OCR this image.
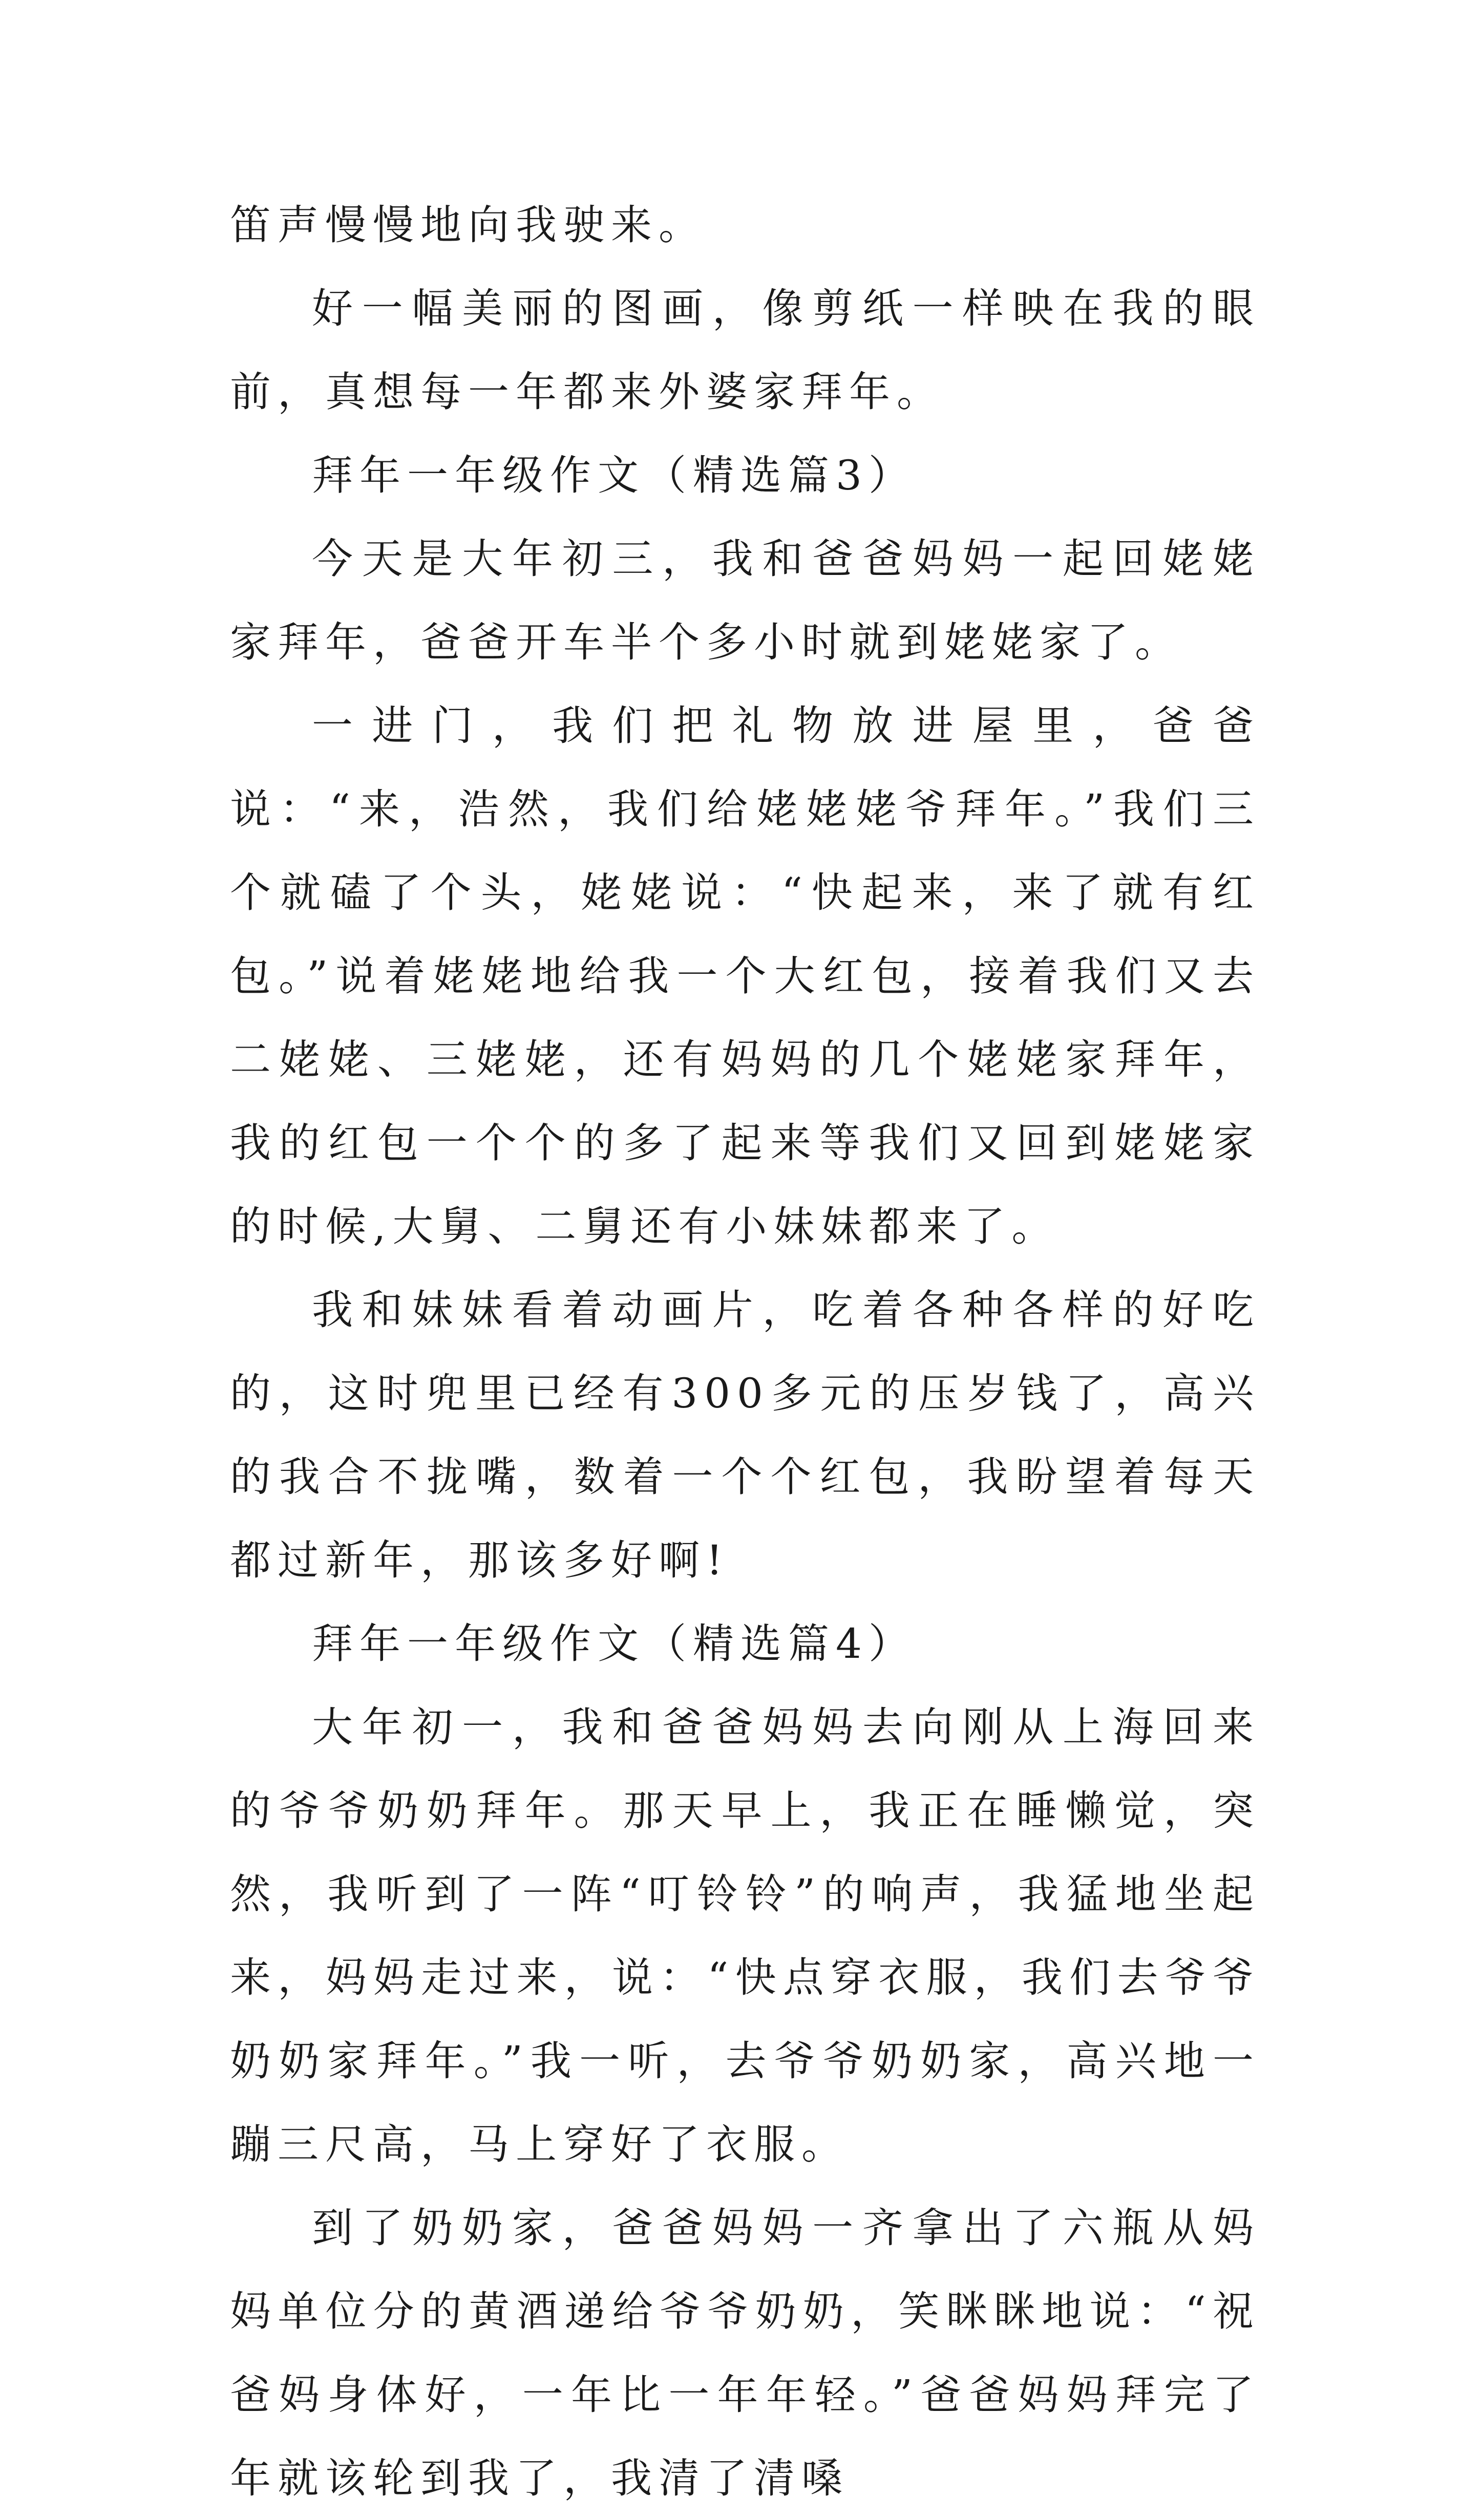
笛声慢慢地向我驶来。

好一幅美丽的图画，像剪纸一样映在我的眼前，真想每一年都来外婆家拜年。

拜年一年级作文（精选篇3）

今天是大年初三，我和爸爸妈妈一起回姥姥家拜年，爸爸开车半个多小时就到姥姥家了。

一进门，我们把礼物放进屋里，爸爸说：“来，浩然，我们给姥姥姥爷拜年。”我们三个就磕了个头，姥姥说：“快起来，来了就有红包。”说着姥姥地给我一个大红包，接着我们又去二姥姥、三姥姥，还有妈妈的几个姥姥家拜年，我的红包一个个的多了起来等我们又回到姥姥家的时候,大舅、二舅还有小妹妹都来了。

我和妹妹看着动画片，吃着各种各样的好吃的，这时兜里已经有300多元的压岁钱了，高兴的我合不拢嘴，数着一个个红包，我盼望着每天都过新年，那该多好啊!

拜年一年级作文（精选篇4）

大年初一，我和爸爸妈妈去向刚从上海回来的爷爷奶奶拜年。那天早上，我正在睡懒觉，突然，我听到了一阵“叮铃铃”的响声，我猛地坐起来，妈妈走过来，说：“快点穿衣服，我们去爷爷奶奶家拜年。”我一听，去爷爷奶奶家，高兴地一蹦三尺高，马上穿好了衣服。

到了奶奶家，爸爸妈妈一齐拿出了六瓶从妈妈单位分的黄酒递给爷爷奶奶，笑眯眯地说：“祝爸妈身体好，一年比一年年轻。”爸爸妈妈拜完了年就该轮到我了，我清了清嗓
